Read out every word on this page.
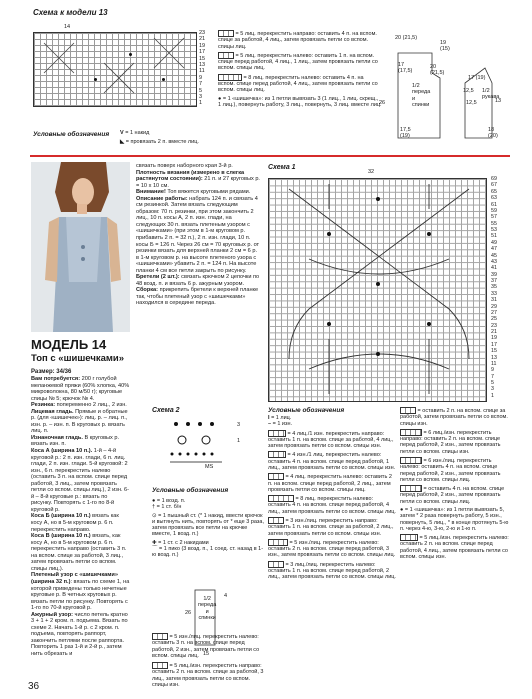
Схема к модели 13
14
23
21
19
17
15
13
11
9
7
5
3
1
Условные обозначения V = 1 накид
◣ = провязать 2 п. вместе лиц.
= 5 лиц. перекрестить направо: оставить 4 п. на вспом. спице за работой, 4 лиц., затем провязать петли со вспом. спицы лиц.
= 5 лиц. перекрестить налево: оставить 1 п. на вспом. спице перед работой, 4 лиц., 1 лиц., затем провязать петли со вспом. спицы лиц.
= 8 лиц. перекрестить налево: оставить 4 п. на вспом. спице перед работой, 4 лиц., затем провязать петли со вспом. спицы лиц.
● = 1 «шишечка»: из 1 петли вывязать 3 (1 лиц., 1 лиц. скрещ., 1 лиц.), повернуть работу, 3 лиц., повернуть, 3 лиц. вместе лиц.
20 (21,5)
19
(15)
17
(17,5)
20
(21,5)
17 (19)
12,5
13
12,5
26
17,5
(19)
18
(20)
1/2
переда
и
спинки
1/2
рукава
МОДЕЛЬ 14
Топ с «шишечками»
Размер: 34/36
Вам потребуется: 200 г голубой меланжевой пряжи (60% хлопка, 40% микроволокна, 80 м/50 г); круговые спицы № 5; крючок № 4.
Резинка: попеременно 2 лиц., 2 изн.
Лицевая гладь. Прямые и обратные р. (для «шишечек»): лиц. р. – лиц. п., изн. р. – изн. п. В круговых р. вязать лиц. п.
Изнаночная гладь. В круговых р. вязать изн. п.
Коса А (ширина 10 п.). 1-й – 4-й круговой р.: 2 п. изн. глади, 6 п. лиц. глади, 2 п. изн. глади. 5-й круговой: 2 изн., 6 п. перекрестить налево (оставить 3 п. на вспом. спице перед работой, 3 лиц., затем провязать петли со вспом. спицы лиц.), 2 изн. 6-й – 8-й круговые р.: вязать по рисунку. Повторять с 1-го по 8-й круговой р.
Коса Б (ширина 10 п.) вязать как косу А, но в 5-м круговом р. 6 п. перекрестить направо.
Коса В (ширина 10 п.) вязать, как косу А, но в 5-м круговом р. 6 п. перекрестить направо (оставить 3 п. на вспом. спице за работой, 3 лиц., затем провязать петли со вспом. спицы лиц.).
Плетеный узор с «шишечками» (ширина 32 п.): вязать по схеме 1, на которой приведены только нечетные круговые р. В четных круговых р. вязать петли по рисунку. Повторять с 1-го по 70-й круговой р.
Ажурный узор: число петель кратно 3 + 1 + 2 кром. п. подъема. Вязать по схеме 2. Начать 1-й р. с 2 кром. п. подъема, повторять раппорт, закончить петлями после раппорта. Повторить 1 раз 1-й и 2-й р., затем нить обрезать и
связать поверх наборного края 3-й р.
Плотность вязания (измерено в слегка растянутом состоянии): 21 п. и 27 круговых р. = 10 х 10 см.
Внимание! Топ вяжется круговыми рядами.
Описание работы: набрать 124 п. и связать 4 см резинкой. Затем вязать следующим образом: 70 п. резинки, при этом закончить 2 лиц., 10 п. косы А, 2 п. изн. глади, на следующих 30 п. вязать плетеным узором с «шишечками» (при этом в 1-м круговом р. прибавить 2 п. = 32 п.), 2 п. изн. глади, 10 п. косы Б = 126 п. Через 26 см = 70 круговых р. от резинки вязать для верхней планки 2 см = 6 р. в 1-м круговом р. на высоте плетеного узора с «шишечками» убавить 2 п. = 124 п. На высоте планки 4 см все петли закрыть по рисунку.
Бретели (2 шт.): связать крючком 2 цепочки по 48 возд. п. и вязать 6 р. ажурным узором.
Сборка: прикрепить бретели к верхней планке так, чтобы плетеный узор с «шишечками» находился в середине переда.
Схема 2
3
1
MS
Условные обозначения
● = 1 возд. п.
† = 1 ст. б/н
⊙ = 1 пышный ст. (* 1 накид, ввести крючок и вытянуть нить, повторять от * еще 3 раза, затем провязать все петли на крючке вместе, 1 возд. п.)
✚ = 1 ст. с 2 накидами
⌒ = 1 пико (3 возд. п., 1 соед. ст. назад в 1-ю возд. п.)
1/2
переда
и
спинки
4
26
15
Схема 1
32
69
67
65
63
61
59
57
55
53
51
49
47
45
43
41
39
37
35
33
31
29
27
25
23
21
19
17
15
13
11
9
7
5
3
1
Условные обозначения
= 5 изн./лиц. перекрестить налево: оставить 3 п. на вспом. спице перед работой, 2 изн., затем провязать петли со вспом. спицы лиц.
= 5 лиц./изн. перекрестить направо: оставить 2 п. на вспом. спице за работой, 3 лиц., затем провязать петли со вспом. спицы изн.
I = 1 лиц.
– = 1 изн.
= 4 лиц./1 изн. перекрестить направо: оставить 1 п. на вспом. спице за работой, 4 лиц., затем провязать петли со вспом. спицы изн.
= 4 изн./1 лиц. перекрестить налево: оставить 4 п. на вспом. спице перед работой, 1 лиц., затем провязать петли со вспом. спицы изн.
= 4 лиц. перекрестить налево: оставить 2 п. на вспом. спице перед работой, 2 лиц., затем провязать петли со вспом. спицы лиц.
= 8 лиц. перекрестить налево: оставить 4 п. на вспом. спице перед работой, 4 лиц., затем провязать петли со вспом. спицы лиц.
= 3 изн./лиц. перекрестить направо: оставить 1 п. на вспом. спице за работой, 2 лиц., затем провязать петли со вспом. спицы изн.
= 5 изн./лиц. перекрестить налево: оставить 2 п. на вспом. спице перед работой, 3 изн., затем провязать петли со вспом. спицы лиц.
= 3 лиц./лиц. перекрестить налево: оставить 1 п. на вспом. спице перед работой, 2 лиц., затем провязать петли со вспом. спицы лиц.
= оставить 2 п. на вспом. спице за работой, затем провязать петли со вспом. спицы изн.
= 6 лиц./изн. перекрестить направо: оставить 2 п. на вспом. спице перед работой, 2 изн., затем провязать петли со вспом. спицы изн.
= 6 изн./лиц. перекрестить налево: оставить 4 п. на вспом. спице перед работой, 2 изн., затем провязать петли со вспом. спицы лиц.
= оставить 4 п. на вспом. спице перед работой, 2 изн., затем провязать петли со вспом. спицы лиц.
● = 1 «шишечка»: из 1 петли вывязать 5, затем * 2 раза повернуть работу, 5 изн., повернуть, 5 лиц., * в конце протянуть 5-ю п. через 4-ю, 3-ю, 2-ю и 1-ю п.
= 5 лиц./изн. перекрестить налево: оставить 2 п. на вспом. спице перед работой, 4 лиц., затем провязать петли со вспом. спицы изн.
36
